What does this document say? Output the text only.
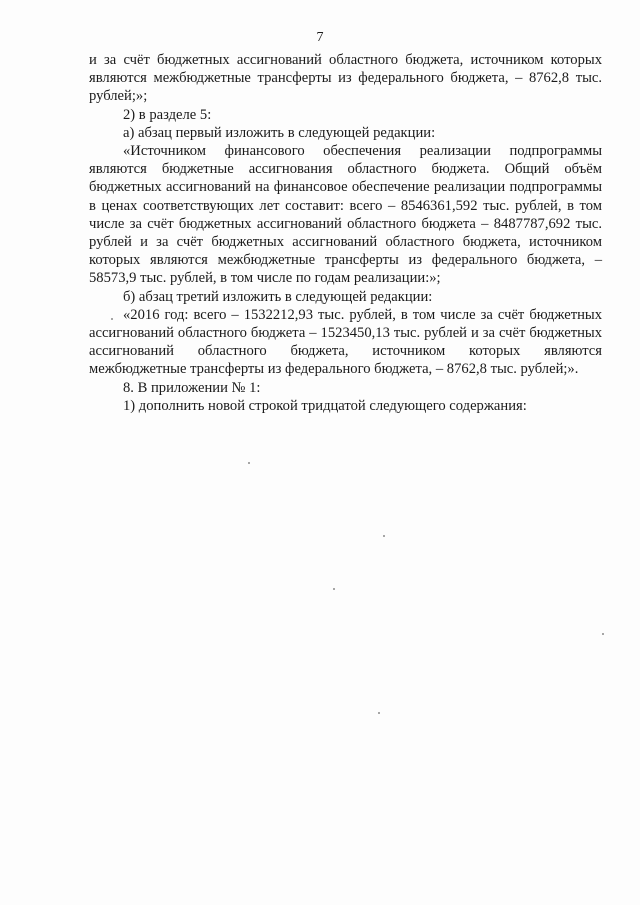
7

и за счёт бюджетных ассигнований областного бюджета, источником которых являются межбюджетные трансферты из федерального бюджета, – 8762,8 тыс. рублей;»;

2) в разделе 5:

а) абзац первый изложить в следующей редакции:

«Источником финансового обеспечения реализации подпрограммы являются бюджетные ассигнования областного бюджета. Общий объём бюджетных ассигнований на финансовое обеспечение реализации подпрограммы в ценах соответствующих лет составит: всего – 8546361,592 тыс. рублей, в том числе за счёт бюджетных ассигнований областного бюджета – 8487787,692 тыс. рублей и за счёт бюджетных ассигнований областного бюджета, источником которых являются межбюджетные трансферты из федерального бюджета, – 58573,9 тыс. рублей, в том числе по годам реализации:»;

б) абзац третий изложить в следующей редакции:

«2016 год: всего – 1532212,93 тыс. рублей, в том числе за счёт бюджетных ассигнований областного бюджета – 1523450,13 тыс. рублей и за счёт бюджетных ассигнований областного бюджета, источником которых являются межбюджетные трансферты из федерального бюджета, – 8762,8 тыс. рублей;».

8. В приложении № 1:

1) дополнить новой строкой тридцатой следующего содержания:
